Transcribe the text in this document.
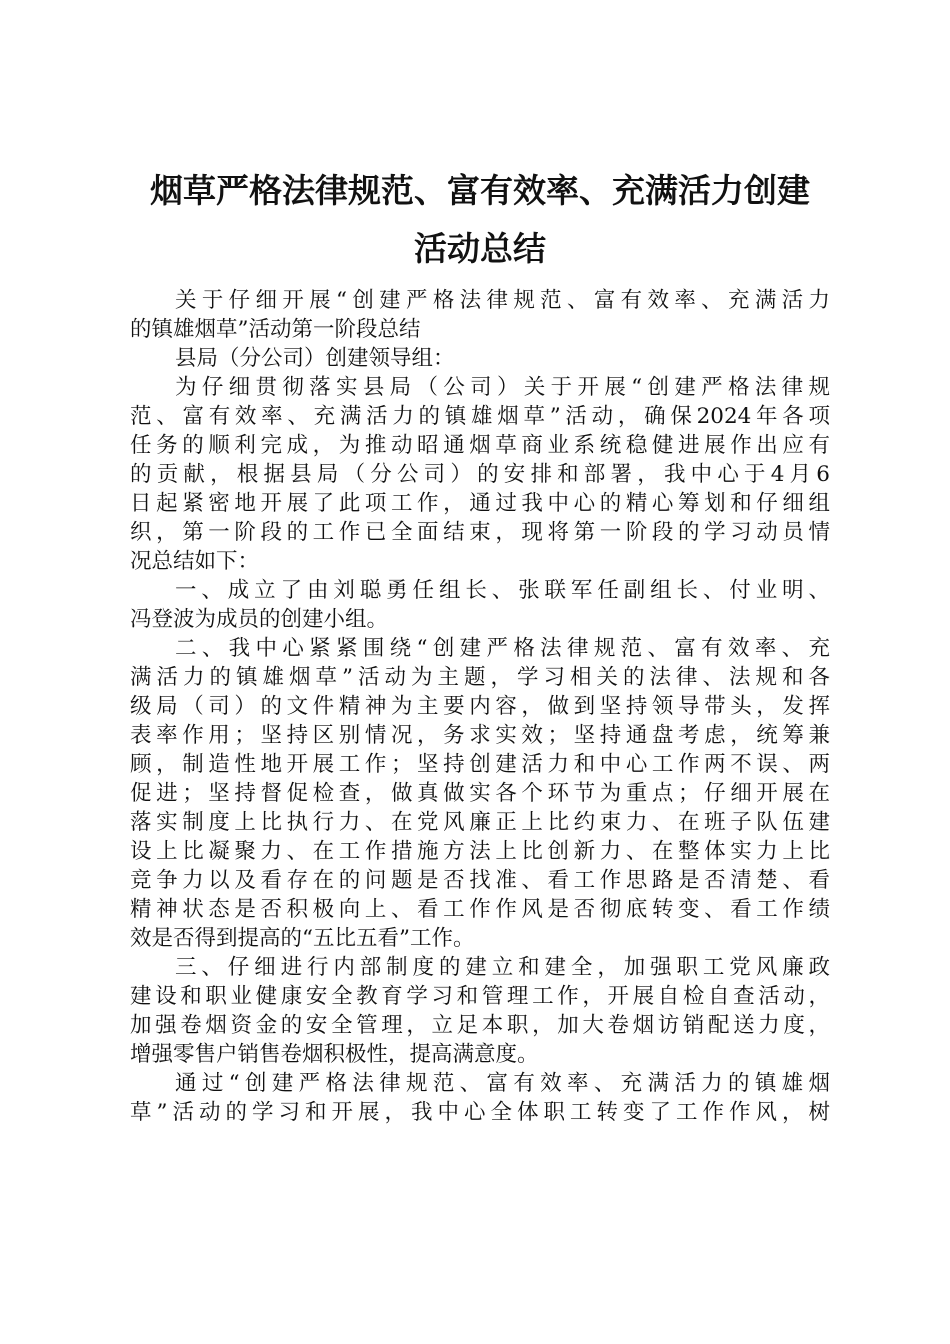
烟草严格法律规范、富有效率、充满活力创建
活动总结
关于仔细开展“创建严格法律规范、富有效率、充满活力
的镇雄烟草”活动第一阶段总结
县局（分公司）创建领导组：
为仔细贯彻落实县局（公司）关于开展“创建严格法律规
范、富有效率、充满活力的镇雄烟草”活动，确保2024年各项
任务的顺利完成，为推动昭通烟草商业系统稳健进展作出应有
的贡献，根据县局（分公司）的安排和部署，我中心于4月6
日起紧密地开展了此项工作，通过我中心的精心筹划和仔细组
织，第一阶段的工作已全面结束，现将第一阶段的学习动员情
况总结如下：
一、成立了由刘聪勇任组长、张联军任副组长、付业明、
冯登波为成员的创建小组。
二、我中心紧紧围绕“创建严格法律规范、富有效率、充
满活力的镇雄烟草”活动为主题，学习相关的法律、法规和各
级局（司）的文件精神为主要内容，做到坚持领导带头，发挥
表率作用；坚持区别情况，务求实效；坚持通盘考虑，统筹兼
顾，制造性地开展工作；坚持创建活力和中心工作两不误、两
促进；坚持督促检查，做真做实各个环节为重点；仔细开展在
落实制度上比执行力、在党风廉正上比约束力、在班子队伍建
设上比凝聚力、在工作措施方法上比创新力、在整体实力上比
竞争力以及看存在的问题是否找准、看工作思路是否清楚、看
精神状态是否积极向上、看工作作风是否彻底转变、看工作绩
效是否得到提高的“五比五看”工作。
三、仔细进行内部制度的建立和建全，加强职工党风廉政
建设和职业健康安全教育学习和管理工作，开展自检自查活动，
加强卷烟资金的安全管理，立足本职，加大卷烟访销配送力度，
增强零售户销售卷烟积极性，提高满意度。
通过“创建严格法律规范、富有效率、充满活力的镇雄烟
草”活动的学习和开展，我中心全体职工转变了工作作风，树
